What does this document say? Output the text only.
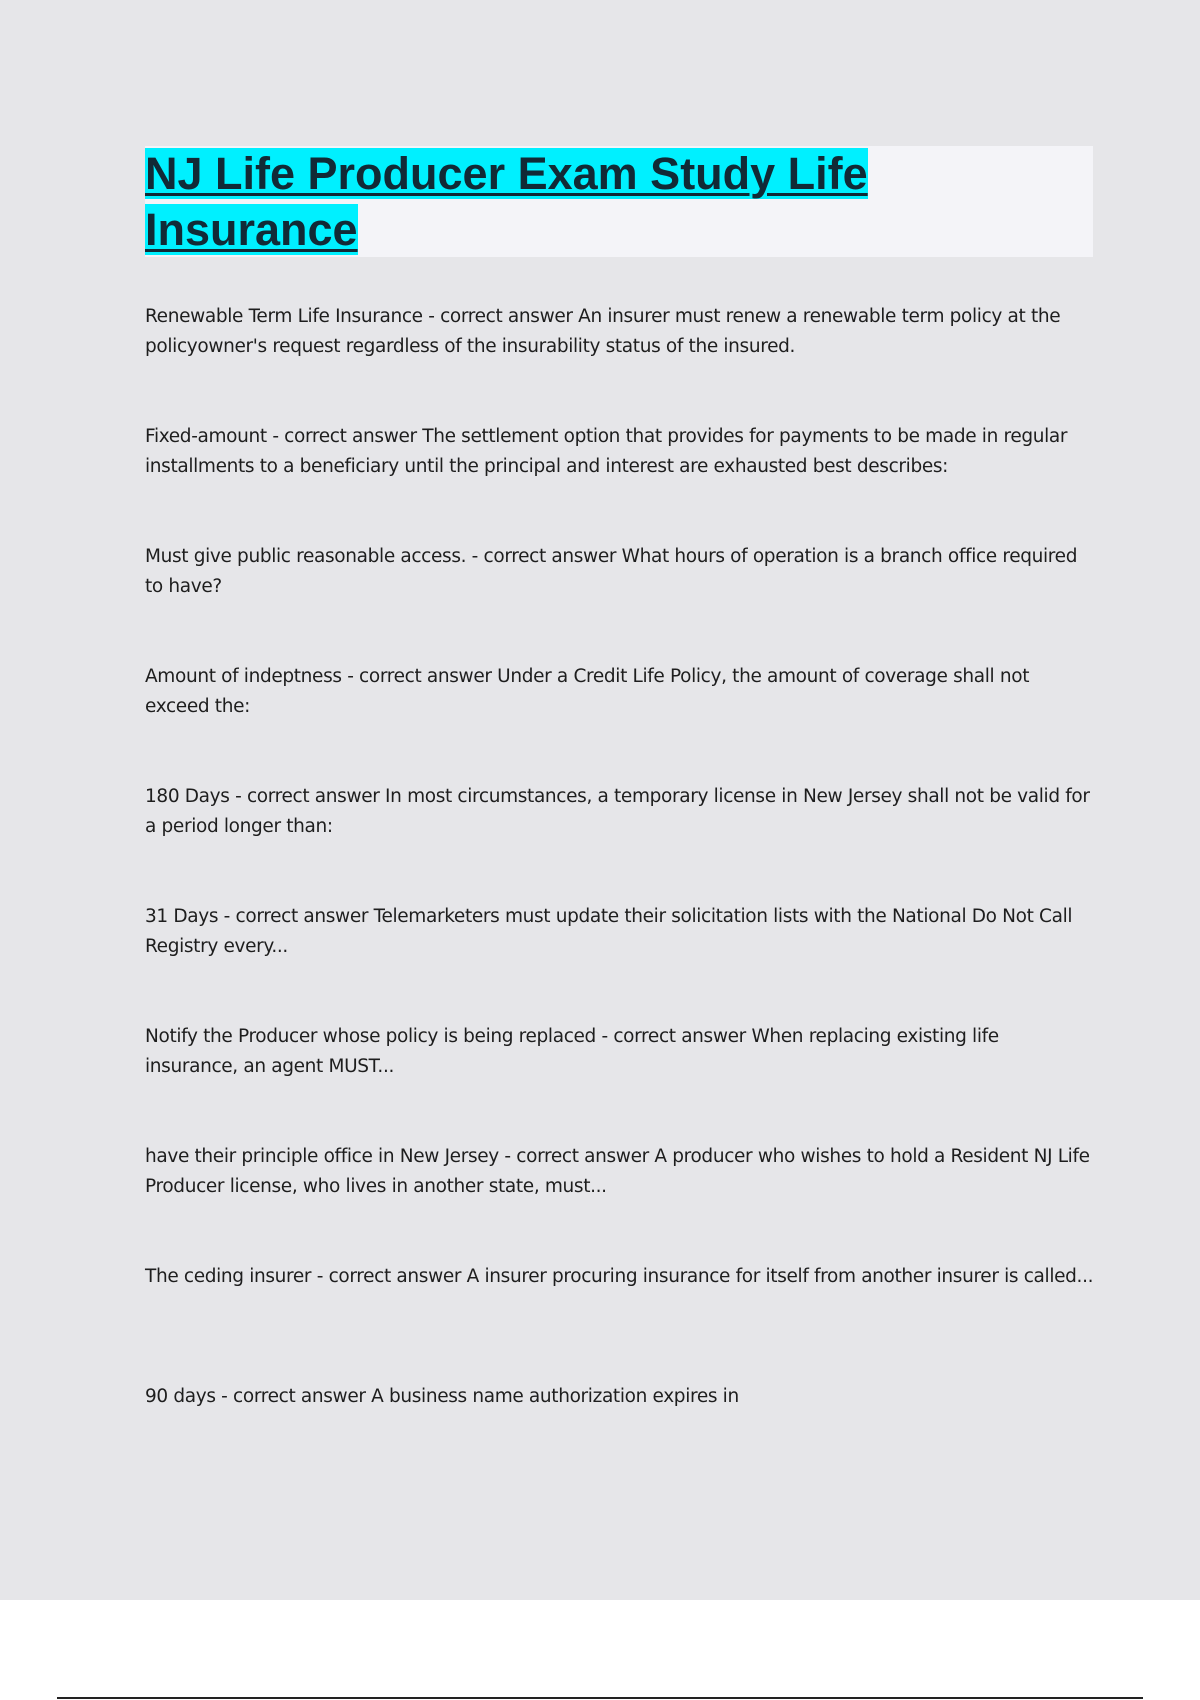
NJ Life Producer Exam Study Life Insurance

Renewable Term Life Insurance - correct answer An insurer must renew a renewable term policy at the policyowner's request regardless of the insurability status of the insured.

Fixed-amount - correct answer The settlement option that provides for payments to be made in regular installments to a beneficiary until the principal and interest are exhausted best describes:

Must give public reasonable access. - correct answer What hours of operation is a branch office required to have?

Amount of indeptness - correct answer Under a Credit Life Policy, the amount of coverage shall not exceed the:

180 Days - correct answer In most circumstances, a temporary license in New Jersey shall not be valid for a period longer than:

31 Days - correct answer Telemarketers must update their solicitation lists with the National Do Not Call Registry every...

Notify the Producer whose policy is being replaced - correct answer When replacing existing life insurance, an agent MUST...

have their principle office in New Jersey - correct answer A producer who wishes to hold a Resident NJ Life Producer license, who lives in another state, must...

The ceding insurer - correct answer A insurer procuring insurance for itself from another insurer is called...

90 days - correct answer A business name authorization expires in
